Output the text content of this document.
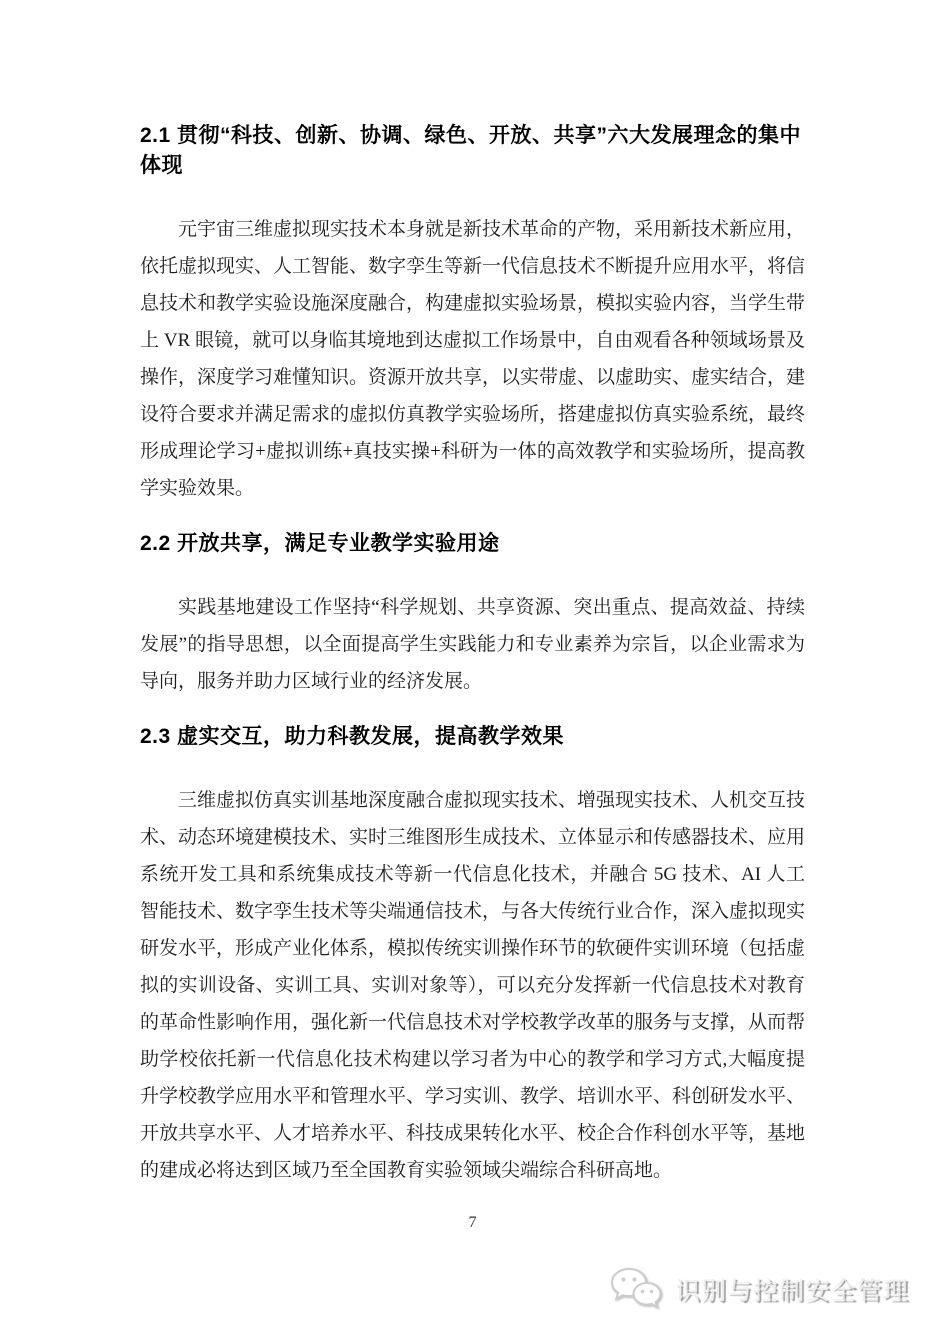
2.1 贯彻“科技、创新、协调、绿色、开放、共享”六大发展理念的集中体现

元宇宙三维虚拟现实技术本身就是新技术革命的产物，采用新技术新应用，依托虚拟现实、人工智能、数字孪生等新一代信息技术不断提升应用水平，将信息技术和教学实验设施深度融合，构建虚拟实验场景，模拟实验内容，当学生带上 VR 眼镜，就可以身临其境地到达虚拟工作场景中，自由观看各种领域场景及操作，深度学习难懂知识。资源开放共享，以实带虚、以虚助实、虚实结合，建设符合要求并满足需求的虚拟仿真教学实验场所，搭建虚拟仿真实验系统，最终形成理论学习+虚拟训练+真技实操+科研为一体的高效教学和实验场所，提高教学实验效果。

2.2 开放共享，满足专业教学实验用途

实践基地建设工作坚持“科学规划、共享资源、突出重点、提高效益、持续发展”的指导思想，以全面提高学生实践能力和专业素养为宗旨，以企业需求为导向，服务并助力区域行业的经济发展。

2.3 虚实交互，助力科教发展，提高教学效果

三维虚拟仿真实训基地深度融合虚拟现实技术、增强现实技术、人机交互技术、动态环境建模技术、实时三维图形生成技术、立体显示和传感器技术、应用系统开发工具和系统集成技术等新一代信息化技术，并融合 5G 技术、AI 人工智能技术、数字孪生技术等尖端通信技术，与各大传统行业合作，深入虚拟现实研发水平，形成产业化体系，模拟传统实训操作环节的软硬件实训环境（包括虚拟的实训设备、实训工具、实训对象等），可以充分发挥新一代信息技术对教育的革命性影响作用，强化新一代信息技术对学校教学改革的服务与支撑，从而帮助学校依托新一代信息化技术构建以学习者为中心的教学和学习方式,大幅度提升学校教学应用水平和管理水平、学习实训、教学、培训水平、科创研发水平、开放共享水平、人才培养水平、科技成果转化水平、校企合作科创水平等，基地的建成必将达到区域乃至全国教育实验领域尖端综合科研高地。

7
识别与控制安全管理
